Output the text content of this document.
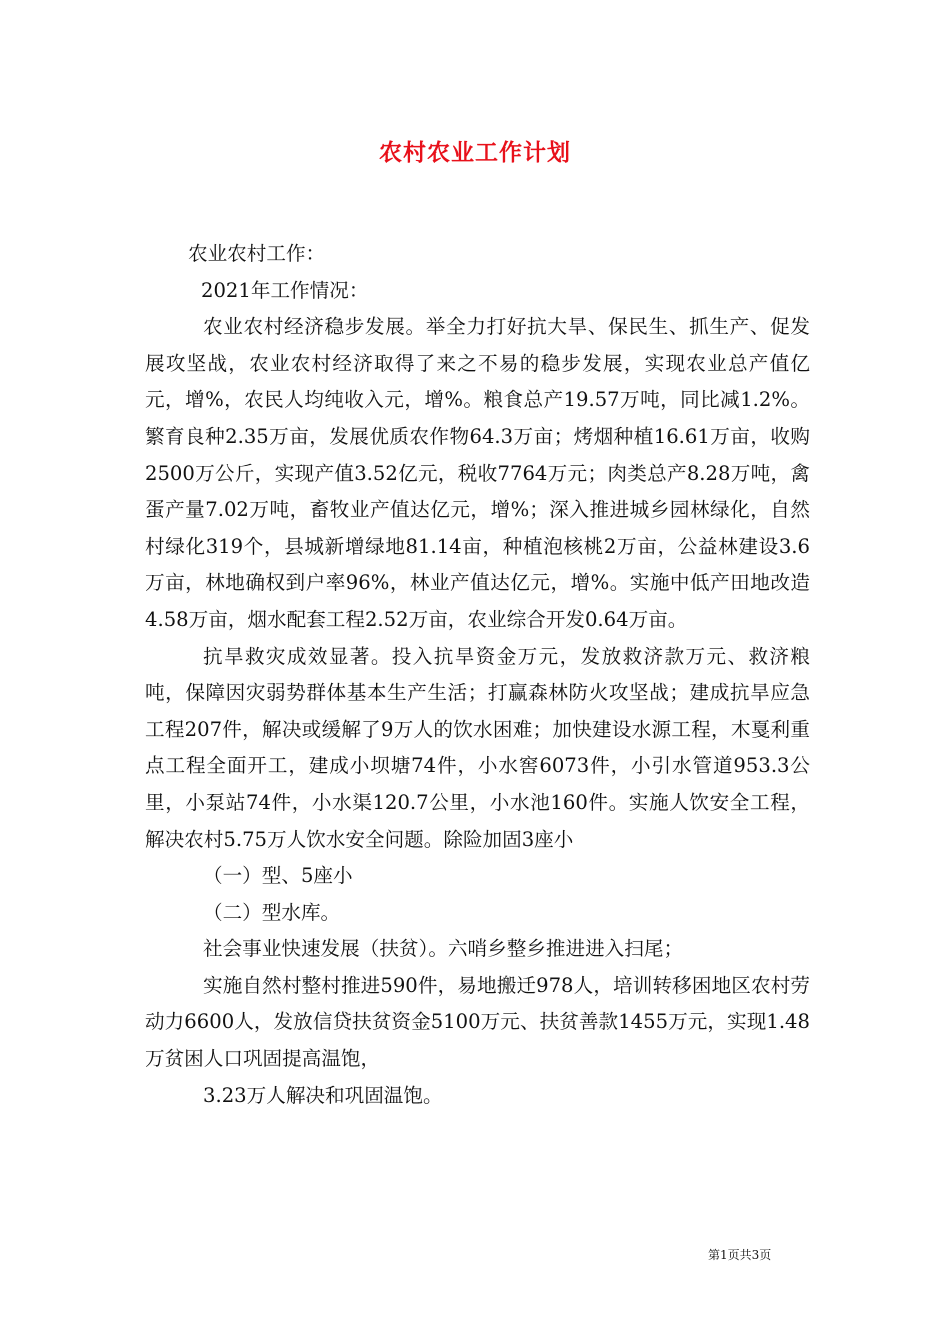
农村农业工作计划

农业农村工作：

2021年工作情况：

农业农村经济稳步发展。举全力打好抗大旱、保民生、抓生产、促发展攻坚战，农业农村经济取得了来之不易的稳步发展，实现农业总产值亿元，增%，农民人均纯收入元，增%。粮食总产19.57万吨，同比减1.2%。繁育良种2.35万亩，发展优质农作物64.3万亩；烤烟种植16.61万亩，收购2500万公斤，实现产值3.52亿元，税收7764万元；肉类总产8.28万吨，禽蛋产量7.02万吨，畜牧业产值达亿元，增%；深入推进城乡园林绿化，自然村绿化319个，县城新增绿地81.14亩，种植泡核桃2万亩，公益林建设3.6万亩，林地确权到户率96%，林业产值达亿元，增%。实施中低产田地改造4.58万亩，烟水配套工程2.52万亩，农业综合开发0.64万亩。

抗旱救灾成效显著。投入抗旱资金万元，发放救济款万元、救济粮吨，保障因灾弱势群体基本生产生活；打赢森林防火攻坚战；建成抗旱应急工程207件，解决或缓解了9万人的饮水困难；加快建设水源工程，木戛利重点工程全面开工，建成小坝塘74件，小水窖6073件，小引水管道953.3公里，小泵站74件，小水渠120.7公里，小水池160件。实施人饮安全工程，解决农村5.75万人饮水安全问题。除险加固3座小

（一）型、5座小

（二）型水库。

社会事业快速发展（扶贫）。六哨乡整乡推进进入扫尾；

实施自然村整村推进590件，易地搬迁978人，培训转移困地区农村劳动力6600人，发放信贷扶贫资金5100万元、扶贫善款1455万元，实现1.48万贫困人口巩固提高温饱，

3.23万人解决和巩固温饱。

第1页共3页
